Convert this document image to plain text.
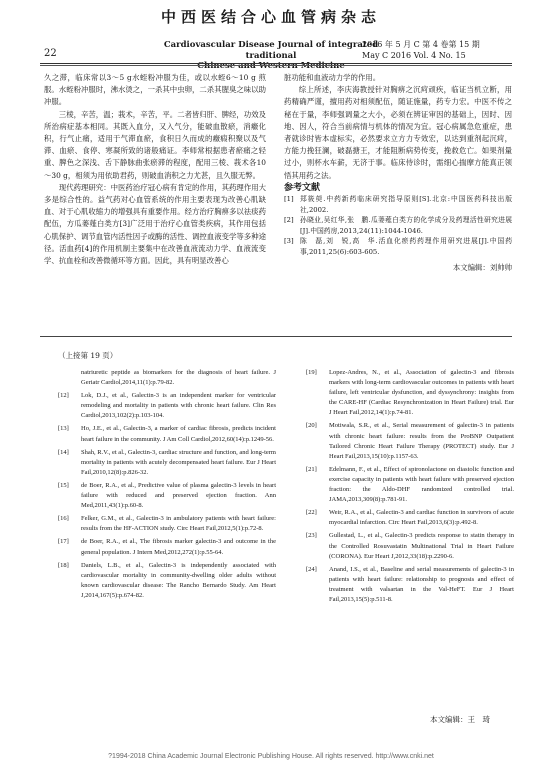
中西医结合心血管病杂志
22
Cardiovascular Disease Journal of integrated traditional
Chinese and Western Medicine
2016 年 5 月 C 第 4 卷第 15 期
May C 2016 Vol. 4 No. 15

久之滞，临床常以3～5 g水蛭粉冲服为佳，或以水蛭6～10 g 煎服。水蛭粉冲服时，沸水烫之，一杀其中虫卵，二杀其腥臭之味以助冲服。

三棱，辛苦，温；莪术，辛苦，平。二者皆归肝、脾经，功效及所治病症基本相同。其既入血分，又入气分，能破血散瘀，消癥化积，行气止痛，适用于气滞血瘀，食积日久而成的癥瘕积聚以及气滞、血瘀、食停、寒凝所致的诸般痛证。李师常根据患者瘀痛之轻重、脾色之深浅、舌下静脉曲张瘀滞的程度，配用三棱、莪术各10～30 g，相须为用依助君药，则破血消积之力尤甚，且久服无弊。

现代药理研究：中医药治疗冠心病有肯定的作用，其药理作用大多是综合性的。益气药对心血管系统的作用主要表现为改善心肌缺血、对于心肌收缩力的增强具有重要作用。经方治疗胸痹多以祛痰药配伍，方瓜蒌薤白类方[3]广泛用于治疗心血管类疾病，其作用包括心肌保护、调节血管内活性因子或酶的活性、调控血液变学等多种途径。活血药[4]的作用机制主要集中在改善血液流动力学、血液流变学、抗血栓和改善微循环等方面。因此，具有明显改善心

脏功能和血液动力学的作用。

综上所述，李庆海教授针对胸痹之沉疴顽疾，临证当机立断，用药精确严谨，擅用药对相须配伍，随证施量，药专力宏。中医不传之秘在于量，李师强调量之大小，必须在辨证审因的基础上，因时、因地、因人，符合当前病情与机体的情况为宜。冠心病属急危重症，患者就诊时皆本虚标实，必然要求立方力专效宏，以达到重剂起沉疴，方能力挽狂澜，破磊搪王，才能阻断病势传变，挽救危亡。如果剂量过小，则杯水车薪，无济于事。临床侍诊时，需细心揣摩方能真正领悟其用药之法。

参考文献

[1] 郑筱萸.中药新药临床研究指导原则[S].北京:中国医药科技出版社,2002.
[2] 孙晓业,吴红华,张　鹏.瓜蒌薤白类方的化学成分及药理活性研究进展[J].中国药房,2013,24(11):1044-1046.
[3] 陈　磊,刘　锐,高　华.活血化瘀药药理作用研究进展[J].中国药事,2011,25(6):603-605.
本文编辑：刘帅帅
（上接第 19 页）
natriuretic peptide as biomarkers for the diagnosis of heart failure. J Geriatr Cardiol,2014,11(1):p.79-82.
[12]	Lok, D.J., et al., Galectin-3 is an independent marker for ventricular remodeling and mortality in patients with chronic heart failure. Clin Res Cardiol,2013,102(2):p.103-104.
[13]	Ho, J.E., et al., Galectin-3, a marker of cardiac fibrosis, predicts incident heart failure in the community. J Am Coll Cardiol,2012,60(14):p.1249-56.
[14]	Shah, R.V., et al., Galectin-3, cardiac structure and function, and long-term mortality in patients with acutely decompensated heart failure. Eur J Heart Fail,2010,12(8):p.826-32.
[15]	de Boer, R.A., et al., Predictive value of plasma galectin-3 levels in heart failure with reduced and preserved ejection fraction. Ann Med,2011,43(1):p.60-8.
[16]	Felker, G.M., et al., Galectin-3 in ambulatory patients with heart failure: results from the HF-ACTION study. Circ Heart Fail,2012,5(1):p.72-8.
[17]	de Boer, R.A., et al., The fibrosis marker galectin-3 and outcome in the general population. J Intern Med,2012,272(1):p.55-64.
[18]	Daniels, L.B., et al., Galectin-3 is independently associated with cardiovascular mortality in community-dwelling older adults without known cardiovascular disease: The Rancho Bernardo Study. Am Heart J,2014,167(5):p.674-82.
[19]	Lopez-Andres, N., et al., Association of galectin-3 and fibrosis markers with long-term cardiovascular outcomes in patients with heart failure, left ventricular dysfunction, and dyssynchrony: insights from the CARE-HF (Cardiac Resynchronization in Heart Failure) trial. Eur J Heart Fail,2012,14(1):p.74-81.
[20]	Motiwala, S.R., et al., Serial measurement of galectin-3 in patients with chronic heart failure: results from the ProBNP Outpatient Tailored Chronic Heart Failure Therapy (PROTECT) study. Eur J Heart Fail,2013,15(10):p.1157-63.
[21]	Edelmann, F., et al., Effect of spironolactone on diastolic function and exercise capacity in patients with heart failure with preserved ejection fraction: the Aldo-DHF randomized controlled trial. JAMA,2013,309(8):p.781-91.
[22]	Weir, R.A., et al., Galectin-3 and cardiac function in survivors of acute myocardial infarction. Circ Heart Fail,2013,6(3):p.492-8.
[23]	Gullestad, L., et al., Galectin-3 predicts response to statin therapy in the Controlled Rosuvastatin Multinational Trial in Heart Failure (CORONA). Eur Heart J,2012,33(18):p.2290-6.
[24]	Anand, I.S., et al., Baseline and serial measurements of galectin-3 in patients with heart failure: relationship to prognosis and effect of treatment with valsartan in the Val-HeFT. Eur J Heart Fail,2013,15(5):p.511-8.
本文编辑：王　琦
?1994-2018 China Academic Journal Electronic Publishing House. All rights reserved. http://www.cnki.net
